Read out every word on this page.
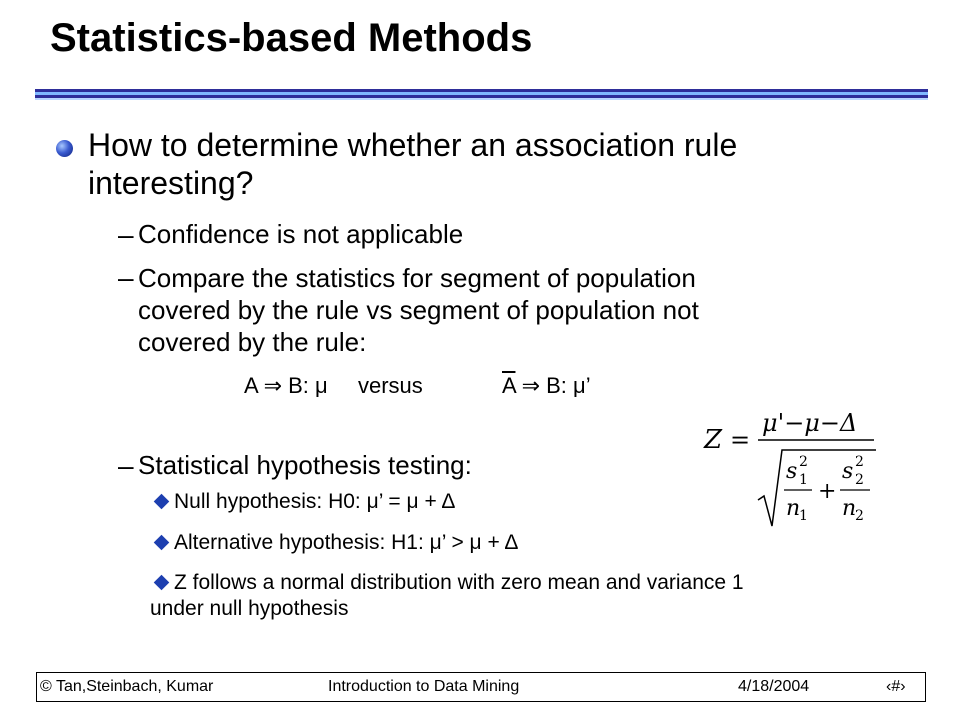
Statistics-based Methods
How to determine whether an association rule
interesting?
– Confidence is not applicable
– Compare the statistics for segment of population
covered by the rule vs segment of population not
covered by the rule:
A ⇒ B: μ versus	$\overline{A}$ ⇒ B: μ’
– Statistical hypothesis testing:
Null hypothesis: H0: μ’ = μ + Δ
Alternative hypothesis: H1: μ’ > μ + Δ
Z follows a normal distribution with zero mean and variance 1
under null hypothesis
Z =
μ'−μ−Δ
s 2
1
n
1
+
s 2
2
n
2
© Tan,Steinbach, Kumar	Introduction to Data Mining	4/18/2004	‹#›
